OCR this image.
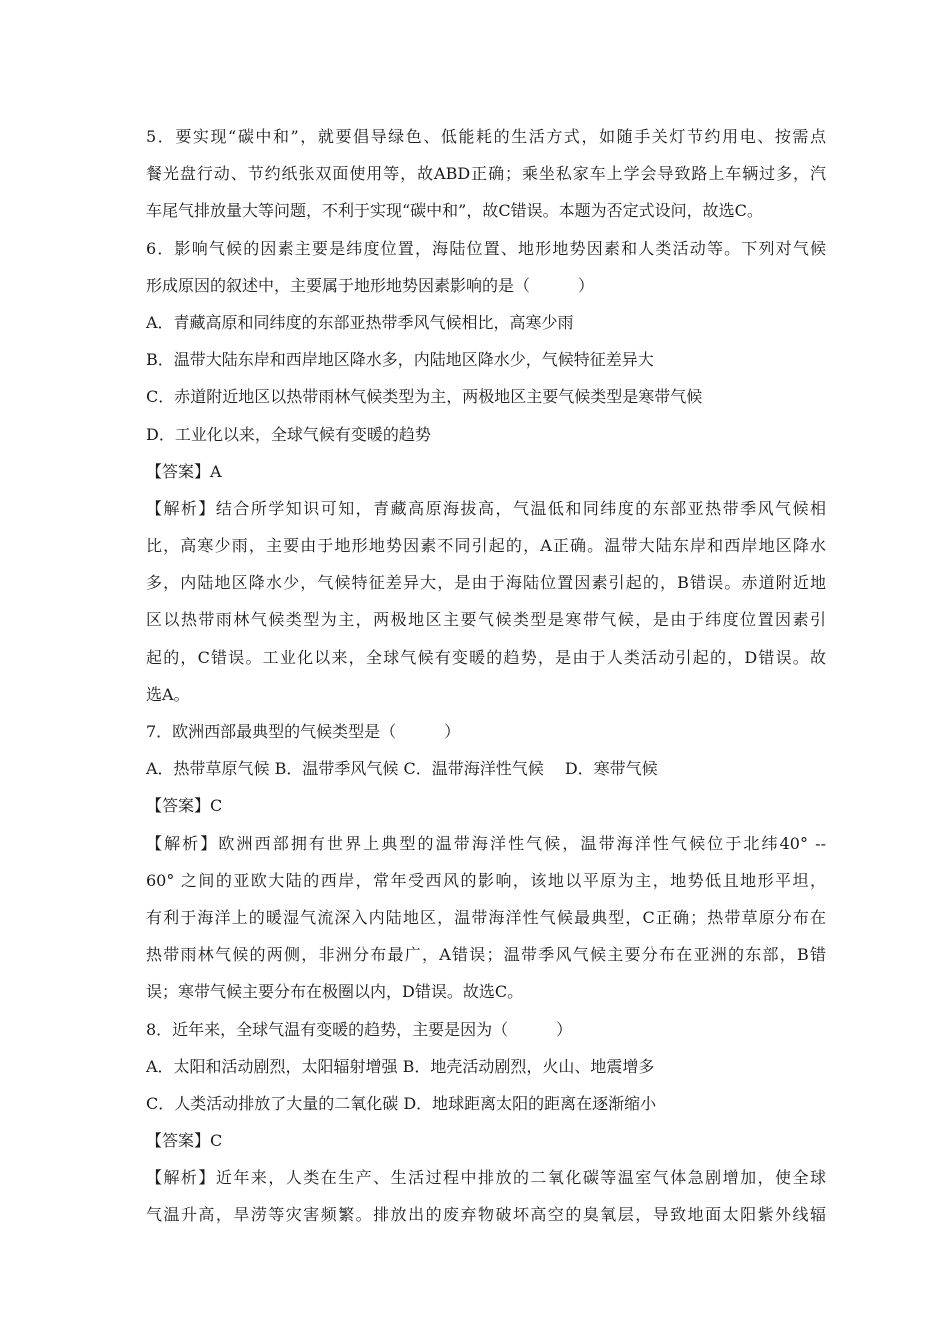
5．要实现“碳中和”，就要倡导绿色、低能耗的生活方式，如随手关灯节约用电、按需点
餐光盘行动、节约纸张双面使用等，故ABD正确；乘坐私家车上学会导致路上车辆过多，汽
车尾气排放量大等问题，不利于实现“碳中和”，故C错误。本题为否定式设问，故选C。
6．影响气候的因素主要是纬度位置，海陆位置、地形地势因素和人类活动等。下列对气候
形成原因的叙述中，主要属于地形地势因素影响的是（　　　）
A．青藏高原和同纬度的东部亚热带季风气候相比，高寒少雨
B．温带大陆东岸和西岸地区降水多，内陆地区降水少，气候特征差异大
C．赤道附近地区以热带雨林气候类型为主，两极地区主要气候类型是寒带气候
D．工业化以来，全球气候有变暖的趋势
【答案】A
【解析】结合所学知识可知，青藏高原海拔高，气温低和同纬度的东部亚热带季风气候相
比，高寒少雨，主要由于地形地势因素不同引起的，A正确。温带大陆东岸和西岸地区降水
多，内陆地区降水少，气候特征差异大，是由于海陆位置因素引起的，B错误。赤道附近地
区以热带雨林气候类型为主，两极地区主要气候类型是寒带气候，是由于纬度位置因素引
起的，C错误。工业化以来，全球气候有变暖的趋势，是由于人类活动引起的，D错误。故
选A。
7．欧洲西部最典型的气候类型是（　　　）
A．热带草原气候 B．温带季风气候 C．温带海洋性气候　 D．寒带气候
【答案】C
【解析】欧洲西部拥有世界上典型的温带海洋性气候，温带海洋性气候位于北纬40° --
60° 之间的亚欧大陆的西岸，常年受西风的影响，该地以平原为主，地势低且地形平坦，
有利于海洋上的暖湿气流深入内陆地区，温带海洋性气候最典型，C正确；热带草原分布在
热带雨林气候的两侧，非洲分布最广，A错误；温带季风气候主要分布在亚洲的东部，B错
误；寒带气候主要分布在极圈以内，D错误。故选C。
8．近年来，全球气温有变暖的趋势，主要是因为（　　　）
A．太阳和活动剧烈，太阳辐射增强 B．地壳活动剧烈，火山、地震增多
C．人类活动排放了大量的二氧化碳 D．地球距离太阳的距离在逐渐缩小
【答案】C
【解析】近年来，人类在生产、生活过程中排放的二氧化碳等温室气体急剧增加，使全球
气温升高，旱涝等灾害频繁。排放出的废弃物破坏高空的臭氧层，导致地面太阳紫外线辐
